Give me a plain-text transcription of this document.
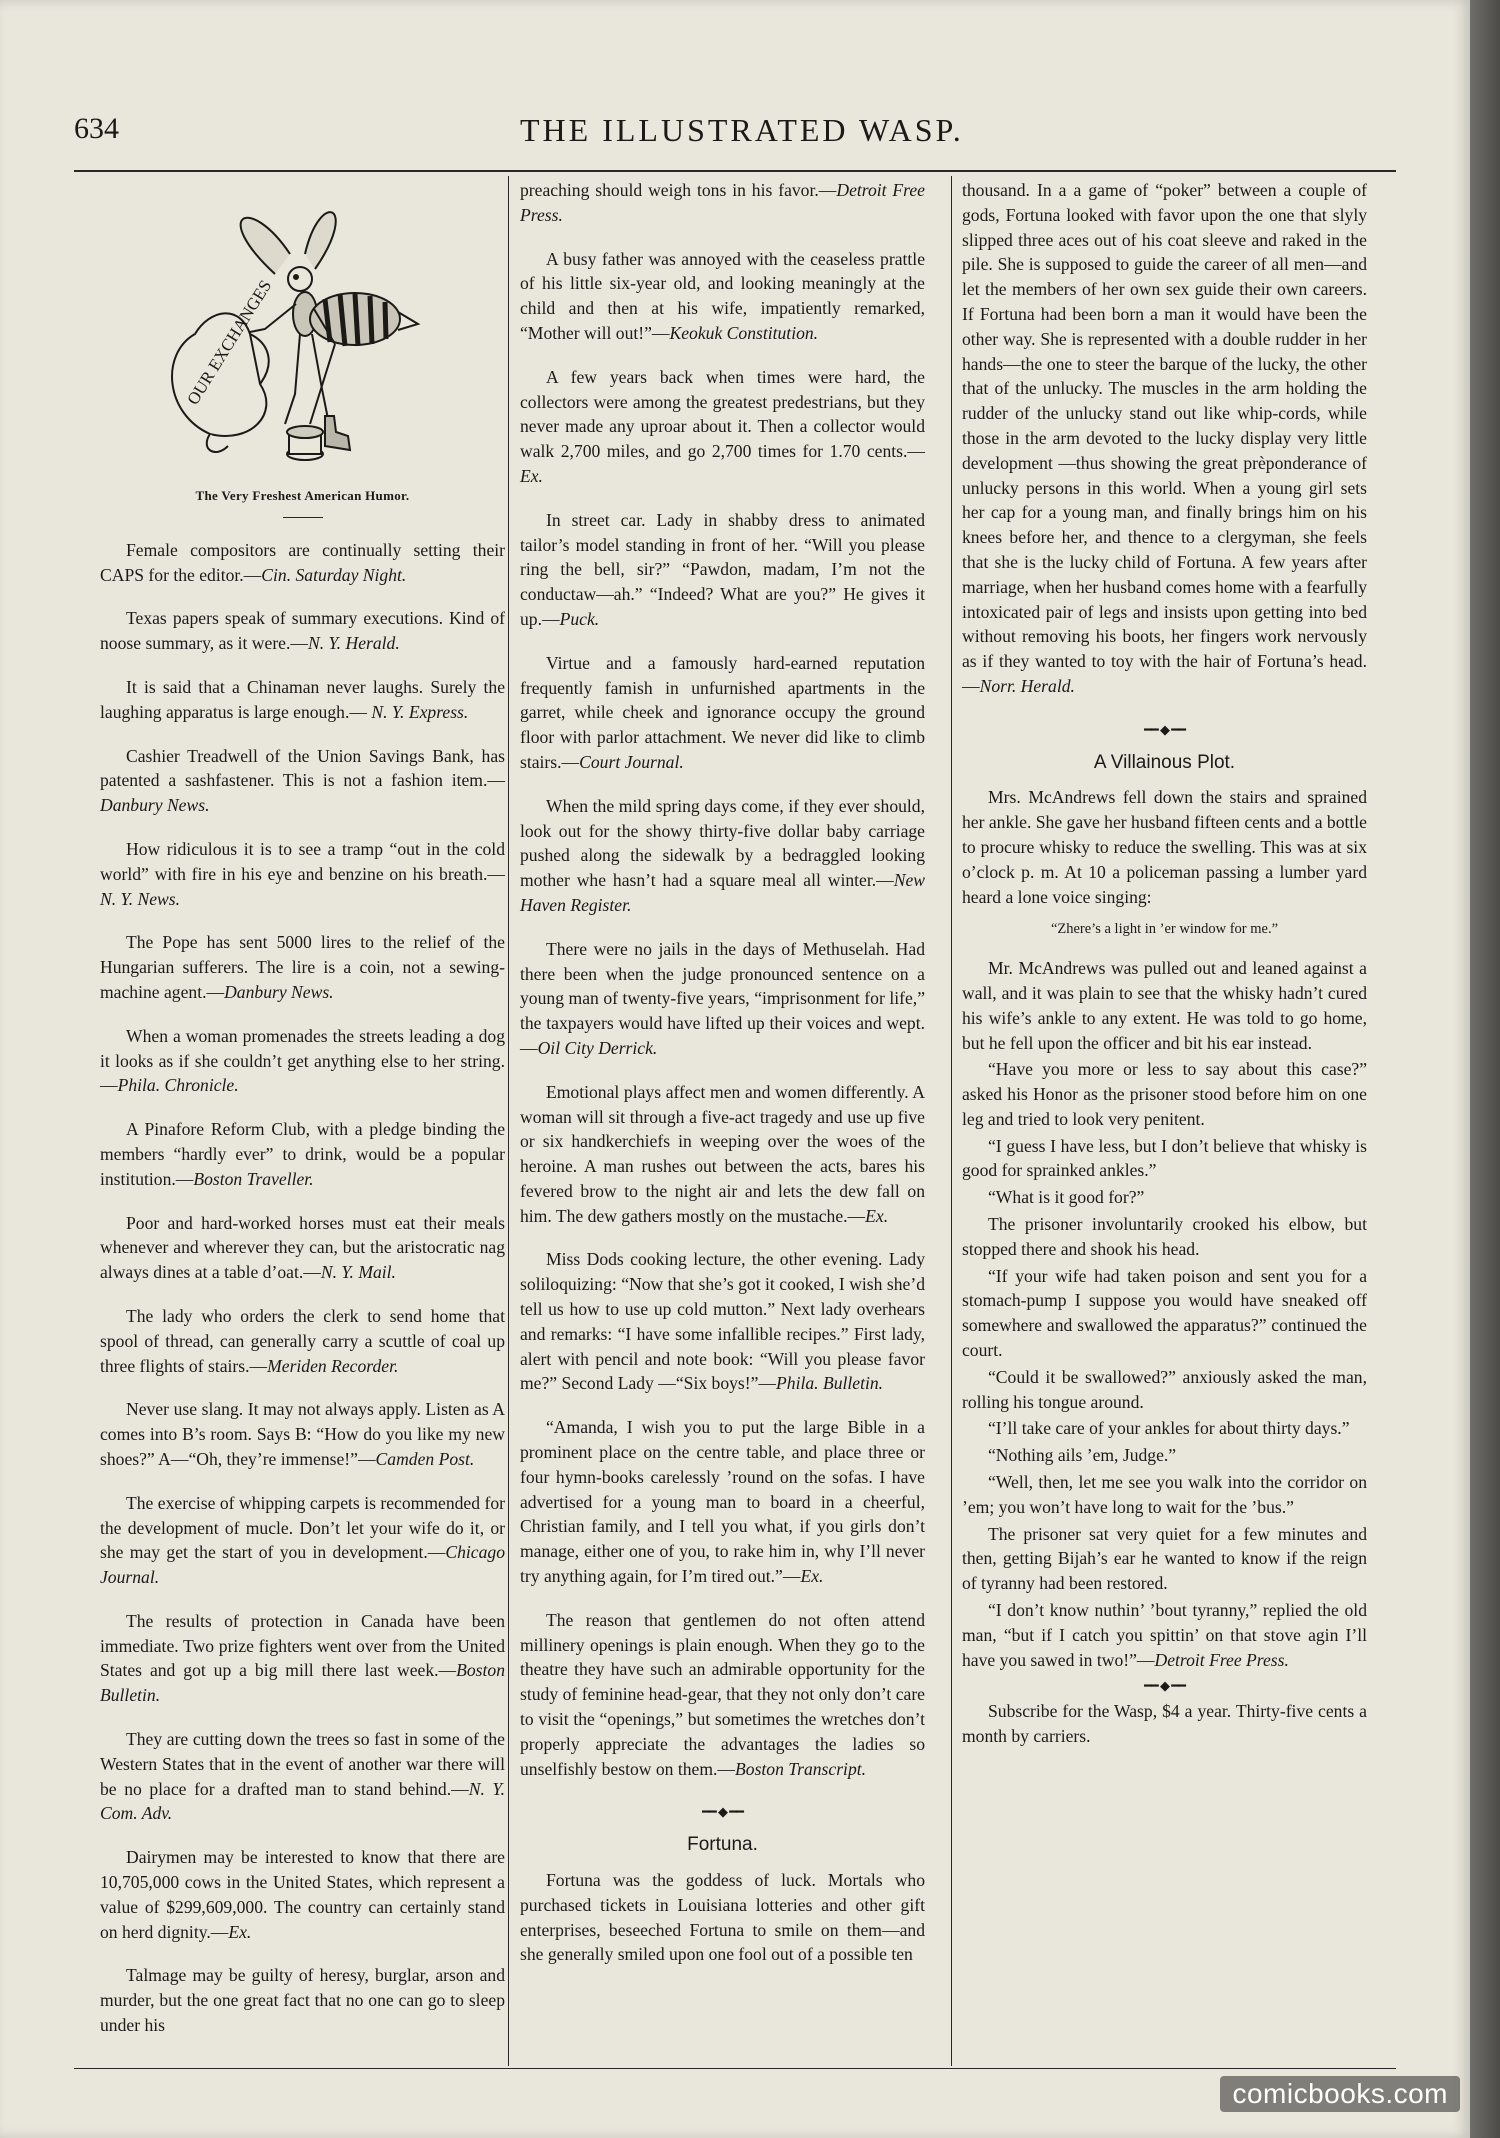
634	THE ILLUSTRATED WASP.
OUR EXCHANGES
The Very Freshest American Humor.

Female compositors are continually setting their CAPS for the editor.—Cin. Saturday Night.

Texas papers speak of summary executions. Kind of noose summary, as it were.—N. Y. Herald.

It is said that a Chinaman never laughs. Surely the laughing apparatus is large enough.— N. Y. Express.

Cashier Treadwell of the Union Savings Bank, has patented a sashfastener. This is not a fashion item.—Danbury News.

How ridiculous it is to see a tramp “out in the cold world” with fire in his eye and benzine on his breath.—N. Y. News.

The Pope has sent 5000 lires to the relief of the Hungarian sufferers. The lire is a coin, not a sewing-machine agent.—Danbury News.

When a woman promenades the streets leading a dog it looks as if she couldn’t get anything else to her string.—Phila. Chronicle.

A Pinafore Reform Club, with a pledge binding the members “hardly ever” to drink, would be a popular institution.—Boston Traveller.

Poor and hard-worked horses must eat their meals whenever and wherever they can, but the aristocratic nag always dines at a table d’oat.—N. Y. Mail.

The lady who orders the clerk to send home that spool of thread, can generally carry a scuttle of coal up three flights of stairs.—Meriden Recorder.

Never use slang. It may not always apply. Listen as A comes into B’s room. Says B: “How do you like my new shoes?” A—“Oh, they’re immense!”—Camden Post.

The exercise of whipping carpets is recommended for the development of mucle. Don’t let your wife do it, or she may get the start of you in development.—Chicago Journal.

The results of protection in Canada have been immediate. Two prize fighters went over from the United States and got up a big mill there last week.—Boston Bulletin.

They are cutting down the trees so fast in some of the Western States that in the event of another war there will be no place for a drafted man to stand behind.—N. Y. Com. Adv.

Dairymen may be interested to know that there are 10,705,000 cows in the United States, which represent a value of $299,609,000. The country can certainly stand on herd dignity.—Ex.

Talmage may be guilty of heresy, burglar, arson and murder, but the one great fact that no one can go to sleep under his

preaching should weigh tons in his favor.—Detroit Free Press.

A busy father was annoyed with the ceaseless prattle of his little six-year old, and looking meaningly at the child and then at his wife, impatiently remarked, “Mother will out!”—Keokuk Constitution.

A few years back when times were hard, the collectors were among the greatest predestrians, but they never made any uproar about it. Then a collector would walk 2,700 miles, and go 2,700 times for 1.70 cents.—Ex.

In street car. Lady in shabby dress to animated tailor’s model standing in front of her. “Will you please ring the bell, sir?” “Pawdon, madam, I’m not the conductaw—ah.” “Indeed? What are you?” He gives it up.—Puck.

Virtue and a famously hard-earned reputation frequently famish in unfurnished apartments in the garret, while cheek and ignorance occupy the ground floor with parlor attachment. We never did like to climb stairs.—Court Journal.

When the mild spring days come, if they ever should, look out for the showy thirty-five dollar baby carriage pushed along the sidewalk by a bedraggled looking mother whe hasn’t had a square meal all winter.—New Haven Register.

There were no jails in the days of Methuselah. Had there been when the judge pronounced sentence on a young man of twenty-five years, “imprisonment for life,” the taxpayers would have lifted up their voices and wept.—Oil City Derrick.

Emotional plays affect men and women differently. A woman will sit through a five-act tragedy and use up five or six handkerchiefs in weeping over the woes of the heroine. A man rushes out between the acts, bares his fevered brow to the night air and lets the dew fall on him. The dew gathers mostly on the mustache.—Ex.

Miss Dods cooking lecture, the other evening. Lady soliloquizing: “Now that she’s got it cooked, I wish she’d tell us how to use up cold mutton.” Next lady overhears and remarks: “I have some infallible recipes.” First lady, alert with pencil and note book: “Will you please favor me?” Second Lady —“Six boys!”—Phila. Bulletin.

“Amanda, I wish you to put the large Bible in a prominent place on the centre table, and place three or four hymn-books carelessly ’round on the sofas. I have advertised for a young man to board in a cheerful, Christian family, and I tell you what, if you girls don’t manage, either one of you, to rake him in, why I’ll never try anything again, for I’m tired out.”—Ex.

The reason that gentlemen do not often attend millinery openings is plain enough. When they go to the theatre they have such an admirable opportunity for the study of feminine head-gear, that they not only don’t care to visit the “openings,” but sometimes the wretches don’t properly appreciate the advantages the ladies so unselfishly bestow on them.—Boston Transcript.

━━ ◆ ━━
Fortuna.

Fortuna was the goddess of luck. Mortals who purchased tickets in Louisiana lotteries and other gift enterprises, beseeched Fortuna to smile on them—and she generally smiled upon one fool out of a possible ten

thousand. In a a game of “poker” between a couple of gods, Fortuna looked with favor upon the one that slyly slipped three aces out of his coat sleeve and raked in the pile. She is supposed to guide the career of all men—and let the members of her own sex guide their own careers. If Fortuna had been born a man it would have been the other way. She is represented with a double rudder in her hands—the one to steer the barque of the lucky, the other that of the unlucky. The muscles in the arm holding the rudder of the unlucky stand out like whip-cords, while those in the arm devoted to the lucky display very little development —thus showing the great prèponderance of unlucky persons in this world. When a young girl sets her cap for a young man, and finally brings him on his knees before her, and thence to a clergyman, she feels that she is the lucky child of Fortuna. A few years after marriage, when her husband comes home with a fearfully intoxicated pair of legs and insists upon getting into bed without removing his boots, her fingers work nervously as if they wanted to toy with the hair of Fortuna’s head.—Norr. Herald.

━━ ◆ ━━
A Villainous Plot.

Mrs. McAndrews fell down the stairs and sprained her ankle. She gave her husband fifteen cents and a bottle to procure whisky to reduce the swelling. This was at six o’clock p. m. At 10 a policeman passing a lumber yard heard a lone voice singing:

“Zhere’s a light in ’er window for me.”

Mr. McAndrews was pulled out and leaned against a wall, and it was plain to see that the whisky hadn’t cured his wife’s ankle to any extent. He was told to go home, but he fell upon the officer and bit his ear instead.

“Have you more or less to say about this case?” asked his Honor as the prisoner stood before him on one leg and tried to look very penitent.

“I guess I have less, but I don’t believe that whisky is good for sprainked ankles.”

“What is it good for?”

The prisoner involuntarily crooked his elbow, but stopped there and shook his head.

“If your wife had taken poison and sent you for a stomach-pump I suppose you would have sneaked off somewhere and swallowed the apparatus?” continued the court.

“Could it be swallowed?” anxiously asked the man, rolling his tongue around.

“I’ll take care of your ankles for about thirty days.”

“Nothing ails ’em, Judge.”

“Well, then, let me see you walk into the corridor on ’em; you won’t have long to wait for the ’bus.”

The prisoner sat very quiet for a few minutes and then, getting Bijah’s ear he wanted to know if the reign of tyranny had been restored.

“I don’t know nuthin’ ’bout tyranny,” replied the old man, “but if I catch you spittin’ on that stove agin I’ll have you sawed in two!”—Detroit Free Press.

━━ ◆ ━━

Subscribe for the Wasp, $4 a year. Thirty-five cents a month by carriers.

comicbooks.com
